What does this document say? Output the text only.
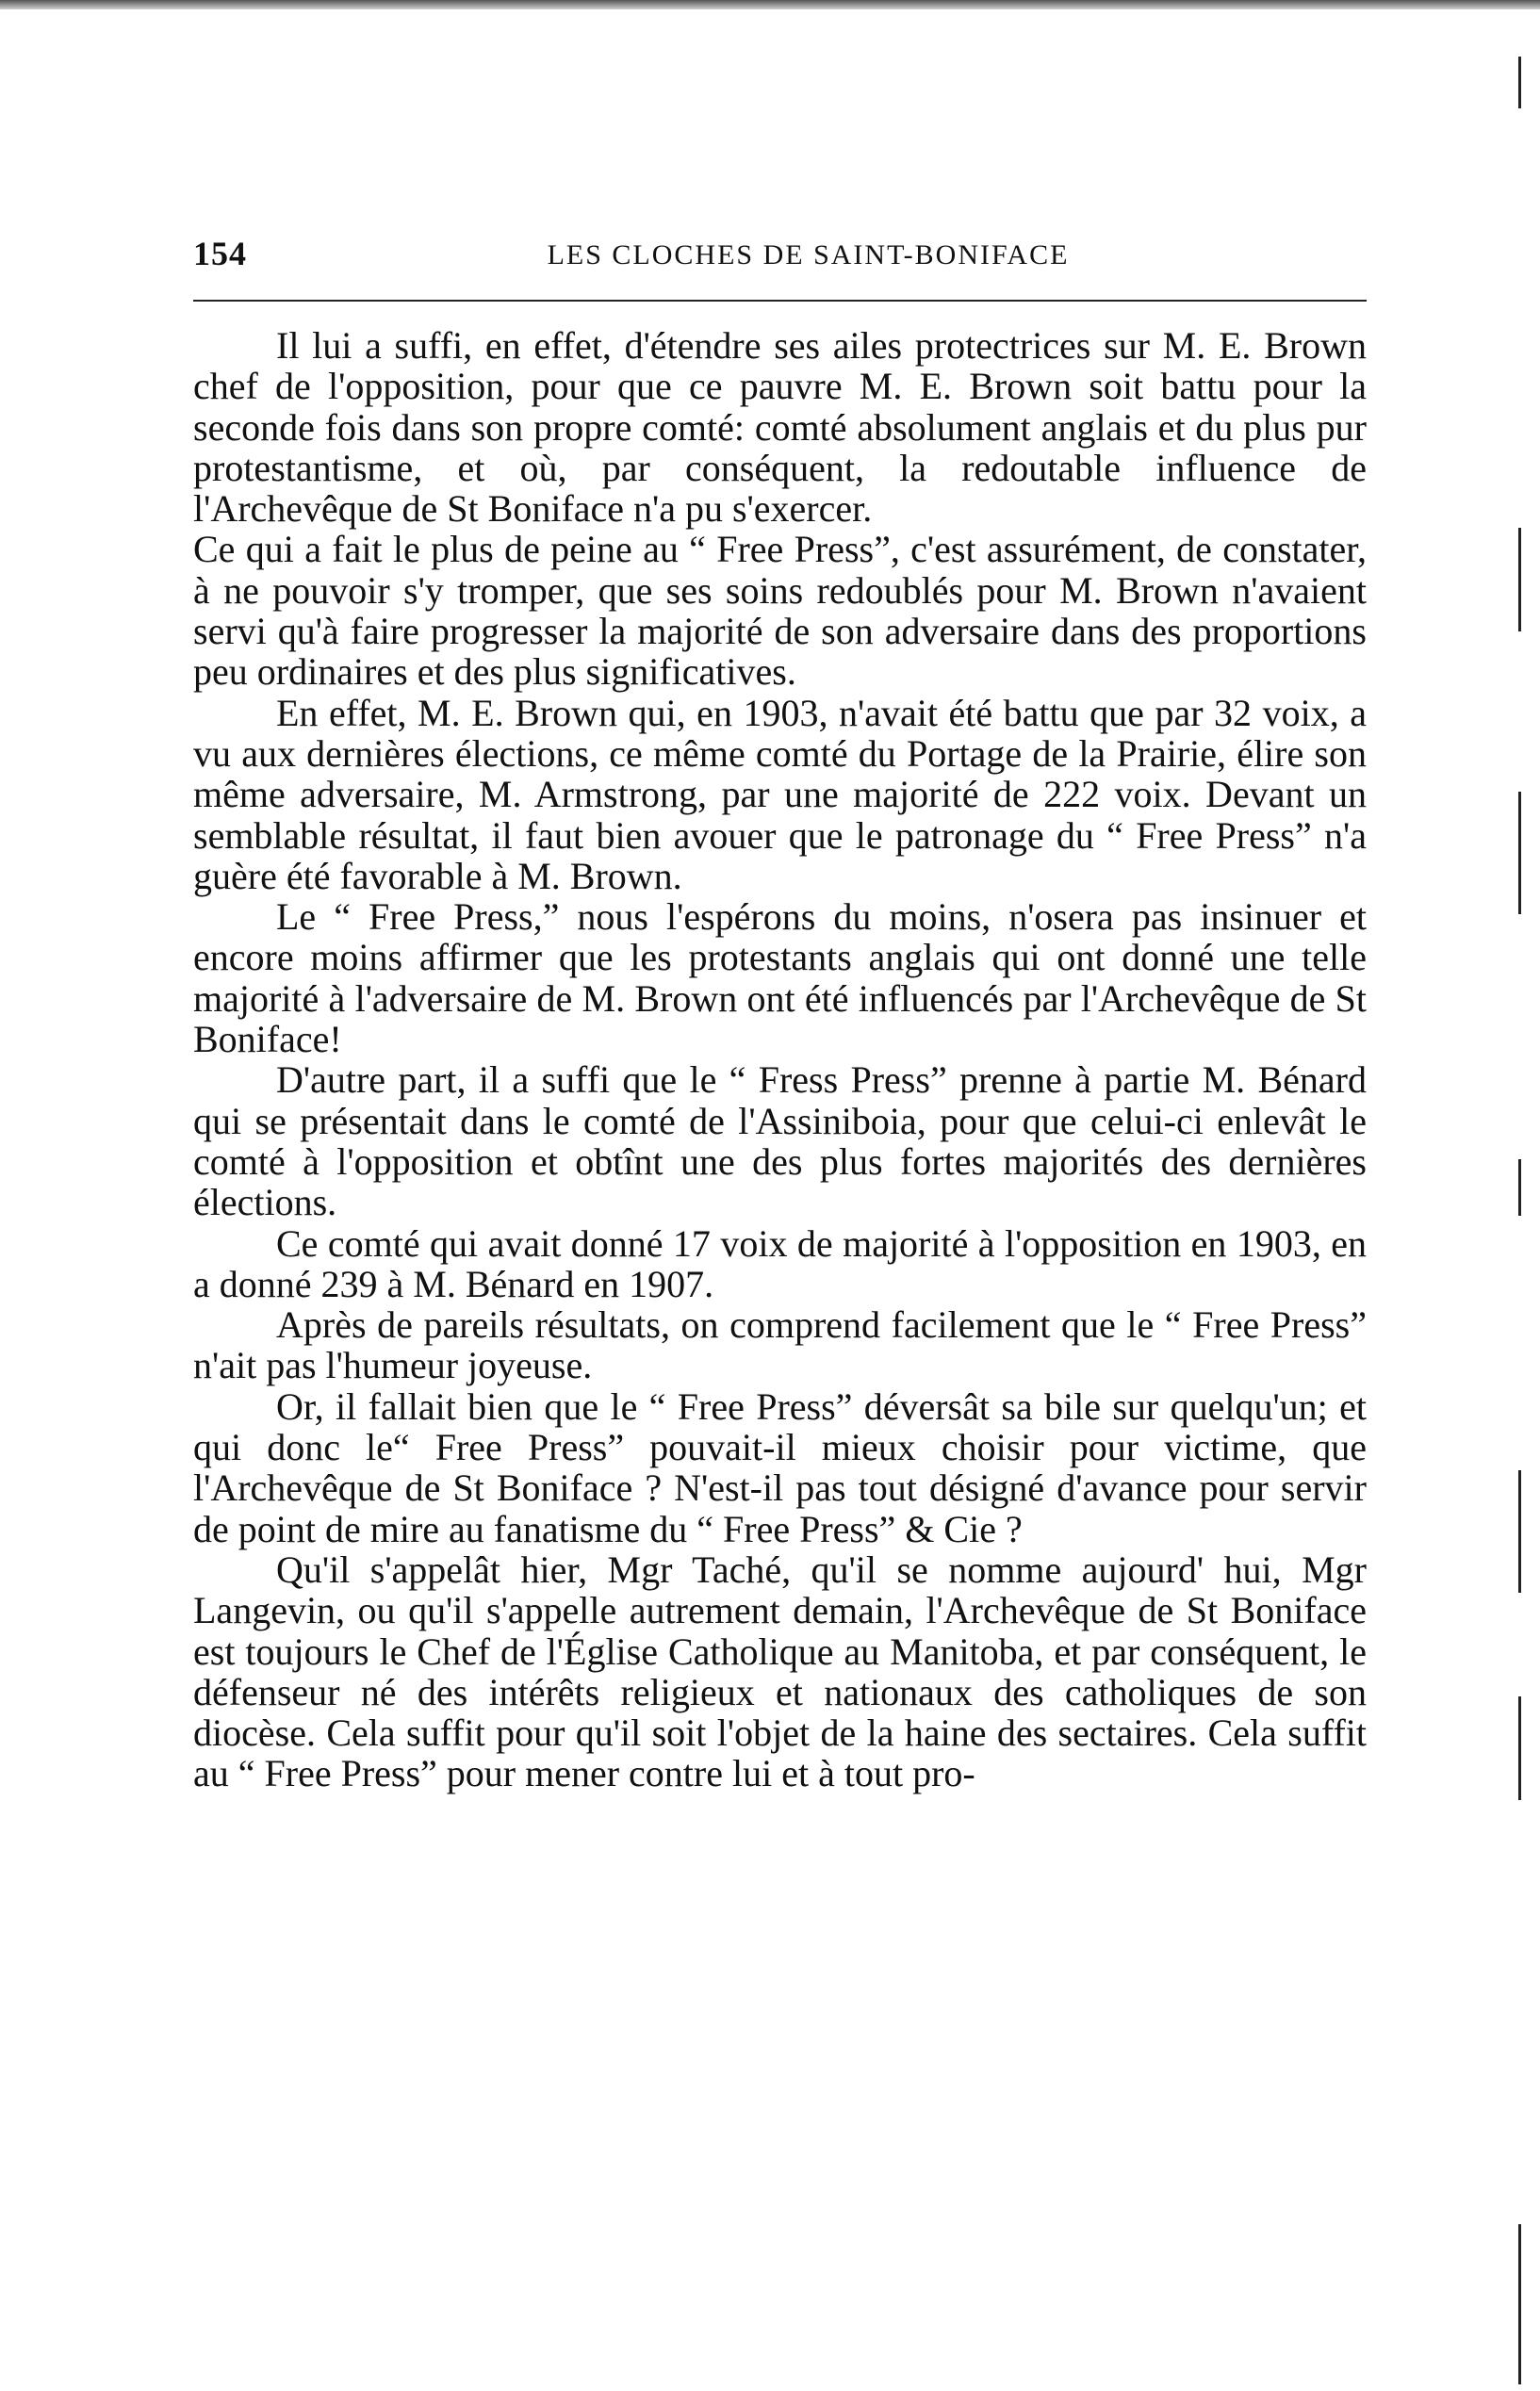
154	LES CLOCHES DE SAINT-BONIFACE

Il lui a suffi, en effet, d'étendre ses ailes protectrices sur M. E. Brown chef de l'opposition, pour que ce pauvre M. E. Brown soit battu pour la seconde fois dans son propre comté: comté absolument anglais et du plus pur protestantisme, et où, par conséquent, la redoutable influence de l'Archevêque de St Boniface n'a pu s'exercer.

Ce qui a fait le plus de peine au “ Free Press”, c'est assurément, de constater, à ne pouvoir s'y tromper, que ses soins redoublés pour M. Brown n'avaient servi qu'à faire progresser la majorité de son adversaire dans des proportions peu ordinaires et des plus significatives.

En effet, M. E. Brown qui, en 1903, n'avait été battu que par 32 voix, a vu aux dernières élections, ce même comté du Portage de la Prairie, élire son même adversaire, M. Armstrong, par une majorité de 222 voix. Devant un semblable résultat, il faut bien avouer que le patronage du “ Free Press” n'a guère été favorable à M. Brown.

Le “ Free Press,” nous l'espérons du moins, n'osera pas insinuer et encore moins affirmer que les protestants anglais qui ont donné une telle majorité à l'adversaire de M. Brown ont été influencés par l'Archevêque de St Boniface!

D'autre part, il a suffi que le “ Fress Press” prenne à partie M. Bénard qui se présentait dans le comté de l'Assiniboia, pour que celui-ci enlevât le comté à l'opposition et obtînt une des plus fortes majorités des dernières élections.

Ce comté qui avait donné 17 voix de majorité à l'opposition en 1903, en a donné 239 à M. Bénard en 1907.

Après de pareils résultats, on comprend facilement que le “ Free Press” n'ait pas l'humeur joyeuse.

Or, il fallait bien que le “ Free Press” déversât sa bile sur quelqu'un; et qui donc le“ Free Press” pouvait-il mieux choisir pour victime, que l'Archevêque de St Boniface ? N'est-il pas tout désigné d'avance pour servir de point de mire au fanatisme du “ Free Press” & Cie ?

Qu'il s'appelât hier, Mgr Taché, qu'il se nomme aujourd' hui, Mgr Langevin, ou qu'il s'appelle autrement demain, l'Archevêque de St Boniface est toujours le Chef de l'Église Catholique au Manitoba, et par conséquent, le défenseur né des intérêts religieux et nationaux des catholiques de son diocèse. Cela suffit pour qu'il soit l'objet de la haine des sectaires. Cela suffit au “ Free Press” pour mener contre lui et à tout pro-
